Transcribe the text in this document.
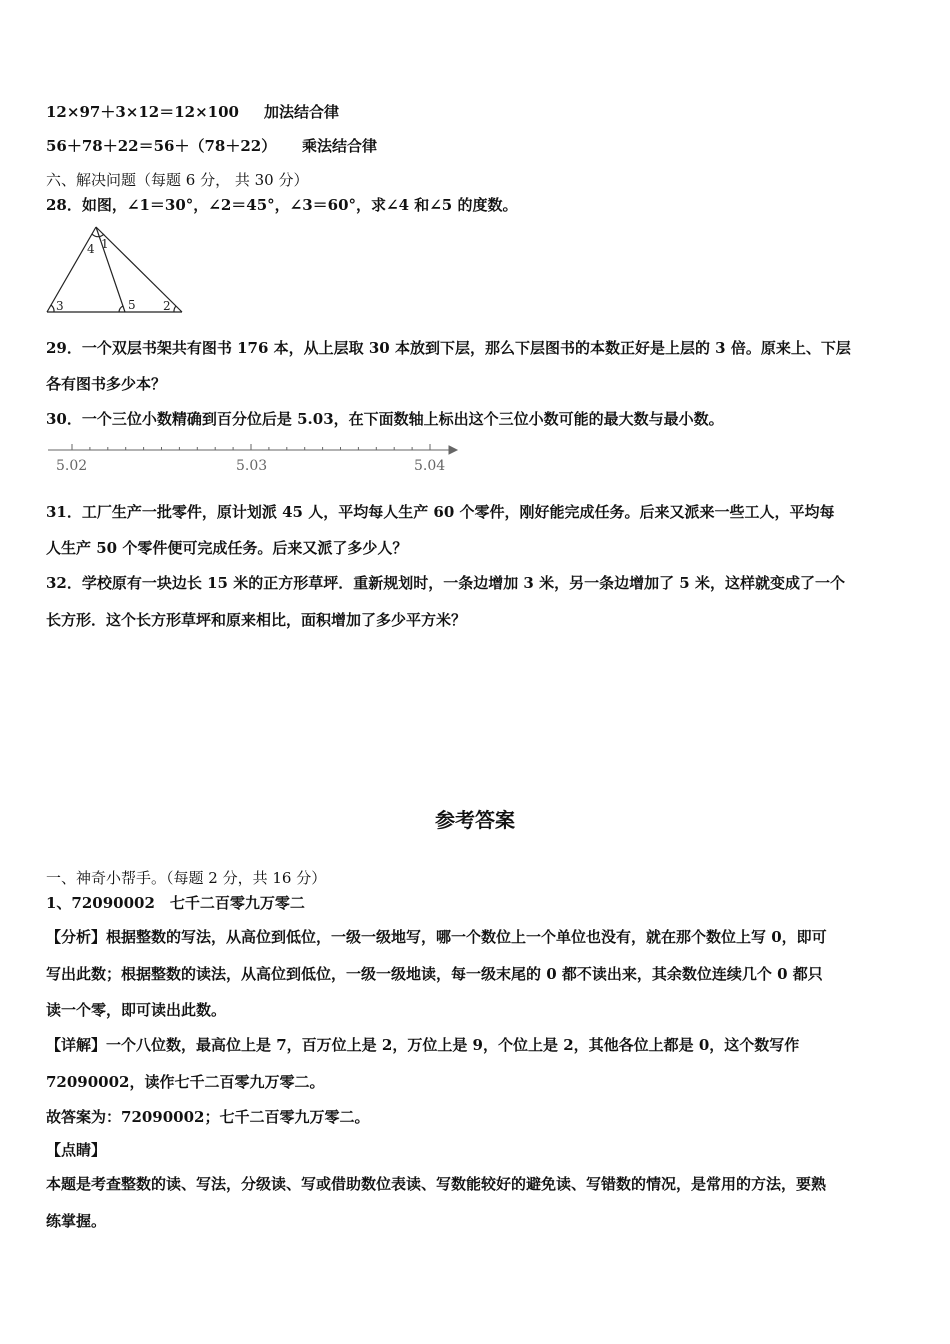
12×97＋3×12＝12×100 加法结合律
56＋78＋22＝56＋（78＋22） 乘法结合律
六、解决问题（每题 6 分， 共 30 分）
28．如图，∠1＝30°，∠2＝45°，∠3＝60°，求∠4 和∠5 的度数。
4 1
3	5 2
29．一个双层书架共有图书 176 本，从上层取 30 本放到下层，那么下层图书的本数正好是上层的 3 倍。原来上、下层
各有图书多少本？
30．一个三位小数精确到百分位后是 5.03，在下面数轴上标出这个三位小数可能的最大数与最小数。
5.02	5.03	5.04
31．工厂生产一批零件，原计划派 45 人，平均每人生产 60 个零件，刚好能完成任务。后来又派来一些工人，平均每
人生产 50 个零件便可完成任务。后来又派了多少人？
32．学校原有一块边长 15 米的正方形草坪．重新规划时，一条边增加 3 米，另一条边增加了 5 米，这样就变成了一个
长方形．这个长方形草坪和原来相比，面积增加了多少平方米？
参考答案
一、神奇小帮手。（每题 2 分，共 16 分）
1、72090002　七千二百零九万零二
【分析】根据整数的写法，从高位到低位，一级一级地写，哪一个数位上一个单位也没有，就在那个数位上写 0，即可
写出此数；根据整数的读法，从高位到低位，一级一级地读，每一级末尾的 0 都不读出来，其余数位连续几个 0 都只
读一个零，即可读出此数。
【详解】一个八位数，最高位上是 7，百万位上是 2，万位上是 9，个位上是 2，其他各位上都是 0，这个数写作
72090002，读作七千二百零九万零二。
故答案为：72090002；七千二百零九万零二。
【点睛】
本题是考查整数的读、写法，分级读、写或借助数位表读、写数能较好的避免读、写错数的情况，是常用的方法，要熟
练掌握。
